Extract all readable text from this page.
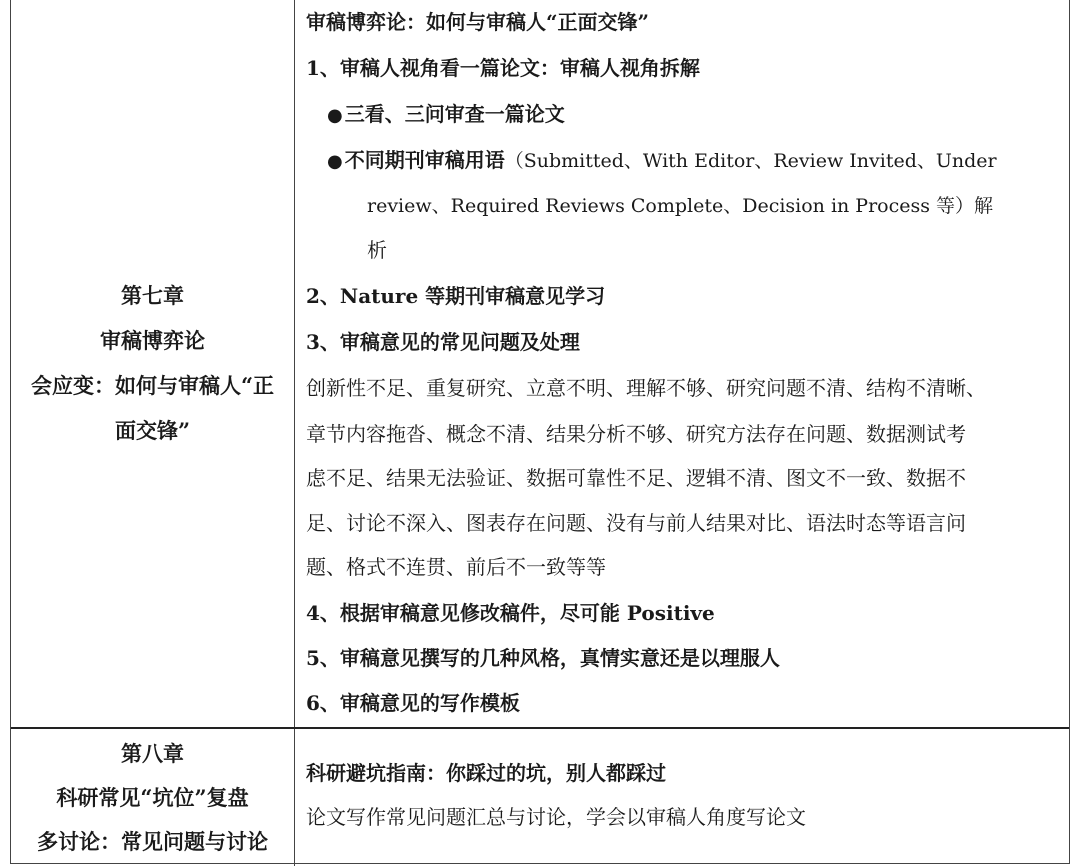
第七章
审稿博弈论
会应变：如何与审稿人“正
面交锋”
审稿博弈论：如何与审稿人“正面交锋”
1、审稿人视角看一篇论文：审稿人视角拆解
● 三看、三问审查一篇论文
● 不同期刊审稿用语（Submitted、With Editor、Review Invited、Under
review、Required Reviews Complete、Decision in Process 等）解
析
2、Nature 等期刊审稿意见学习
3、审稿意见的常见问题及处理
创新性不足、重复研究、立意不明、理解不够、研究问题不清、结构不清晰、
章节内容拖沓、概念不清、结果分析不够、研究方法存在问题、数据测试考
虑不足、结果无法验证、数据可靠性不足、逻辑不清、图文不一致、数据不
足、讨论不深入、图表存在问题、没有与前人结果对比、语法时态等语言问
题、格式不连贯、前后不一致等等
4、根据审稿意见修改稿件，尽可能 Positive
5、审稿意见撰写的几种风格，真情实意还是以理服人
6、审稿意见的写作模板
第八章
科研常见“坑位”复盘
多讨论：常见问题与讨论
科研避坑指南：你踩过的坑，别人都踩过
论文写作常见问题汇总与讨论，学会以审稿人角度写论文
